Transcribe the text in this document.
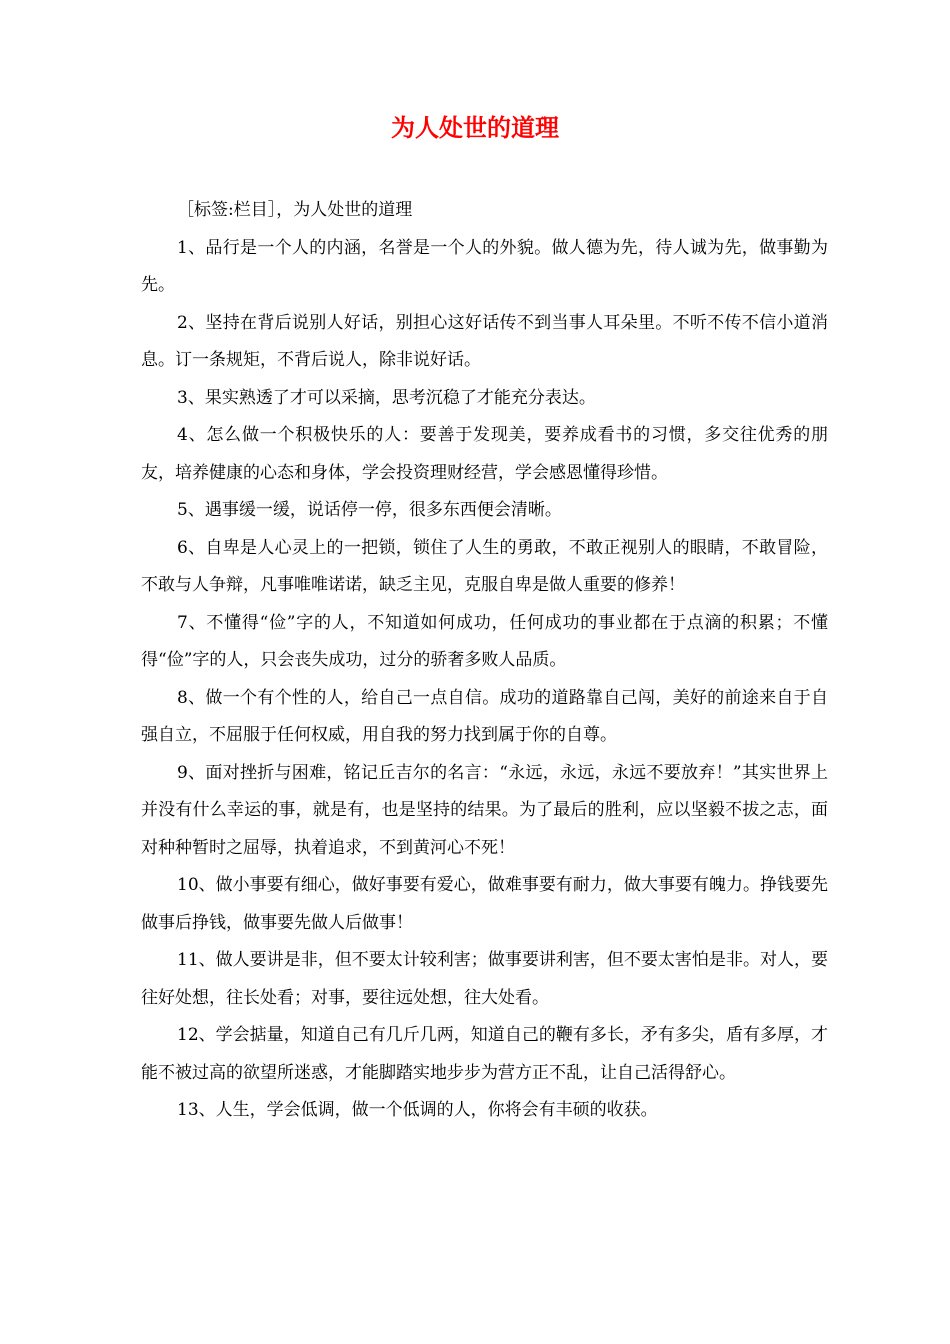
为人处世的道理

［标签:栏目］，为人处世的道理

1、品行是一个人的内涵，名誉是一个人的外貌。做人德为先，待人诚为先，做事勤为先。

2、坚持在背后说别人好话，别担心这好话传不到当事人耳朵里。不听不传不信小道消息。订一条规矩，不背后说人，除非说好话。

3、果实熟透了才可以采摘，思考沉稳了才能充分表达。

4、怎么做一个积极快乐的人：要善于发现美，要养成看书的习惯，多交往优秀的朋友，培养健康的心态和身体，学会投资理财经营，学会感恩懂得珍惜。

5、遇事缓一缓，说话停一停，很多东西便会清晰。

6、自卑是人心灵上的一把锁，锁住了人生的勇敢，不敢正视别人的眼睛，不敢冒险，不敢与人争辩，凡事唯唯诺诺，缺乏主见，克服自卑是做人重要的修养！

7、不懂得“俭”字的人，不知道如何成功，任何成功的事业都在于点滴的积累；不懂得“俭”字的人，只会丧失成功，过分的骄奢多败人品质。

8、做一个有个性的人，给自己一点自信。成功的道路靠自己闯，美好的前途来自于自强自立，不屈服于任何权威，用自我的努力找到属于你的自尊。

9、面对挫折与困难，铭记丘吉尔的名言：“永远，永远，永远不要放弃！”其实世界上并没有什么幸运的事，就是有，也是坚持的结果。为了最后的胜利，应以坚毅不拔之志，面对种种暂时之屈辱，执着追求，不到黄河心不死！

10、做小事要有细心，做好事要有爱心，做难事要有耐力，做大事要有魄力。挣钱要先做事后挣钱，做事要先做人后做事！

11、做人要讲是非，但不要太计较利害；做事要讲利害，但不要太害怕是非。对人，要往好处想，往长处看；对事，要往远处想，往大处看。

12、学会掂量，知道自己有几斤几两，知道自己的鞭有多长，矛有多尖，盾有多厚，才能不被过高的欲望所迷惑，才能脚踏实地步步为营方正不乱，让自己活得舒心。

13、人生，学会低调，做一个低调的人，你将会有丰硕的收获。
